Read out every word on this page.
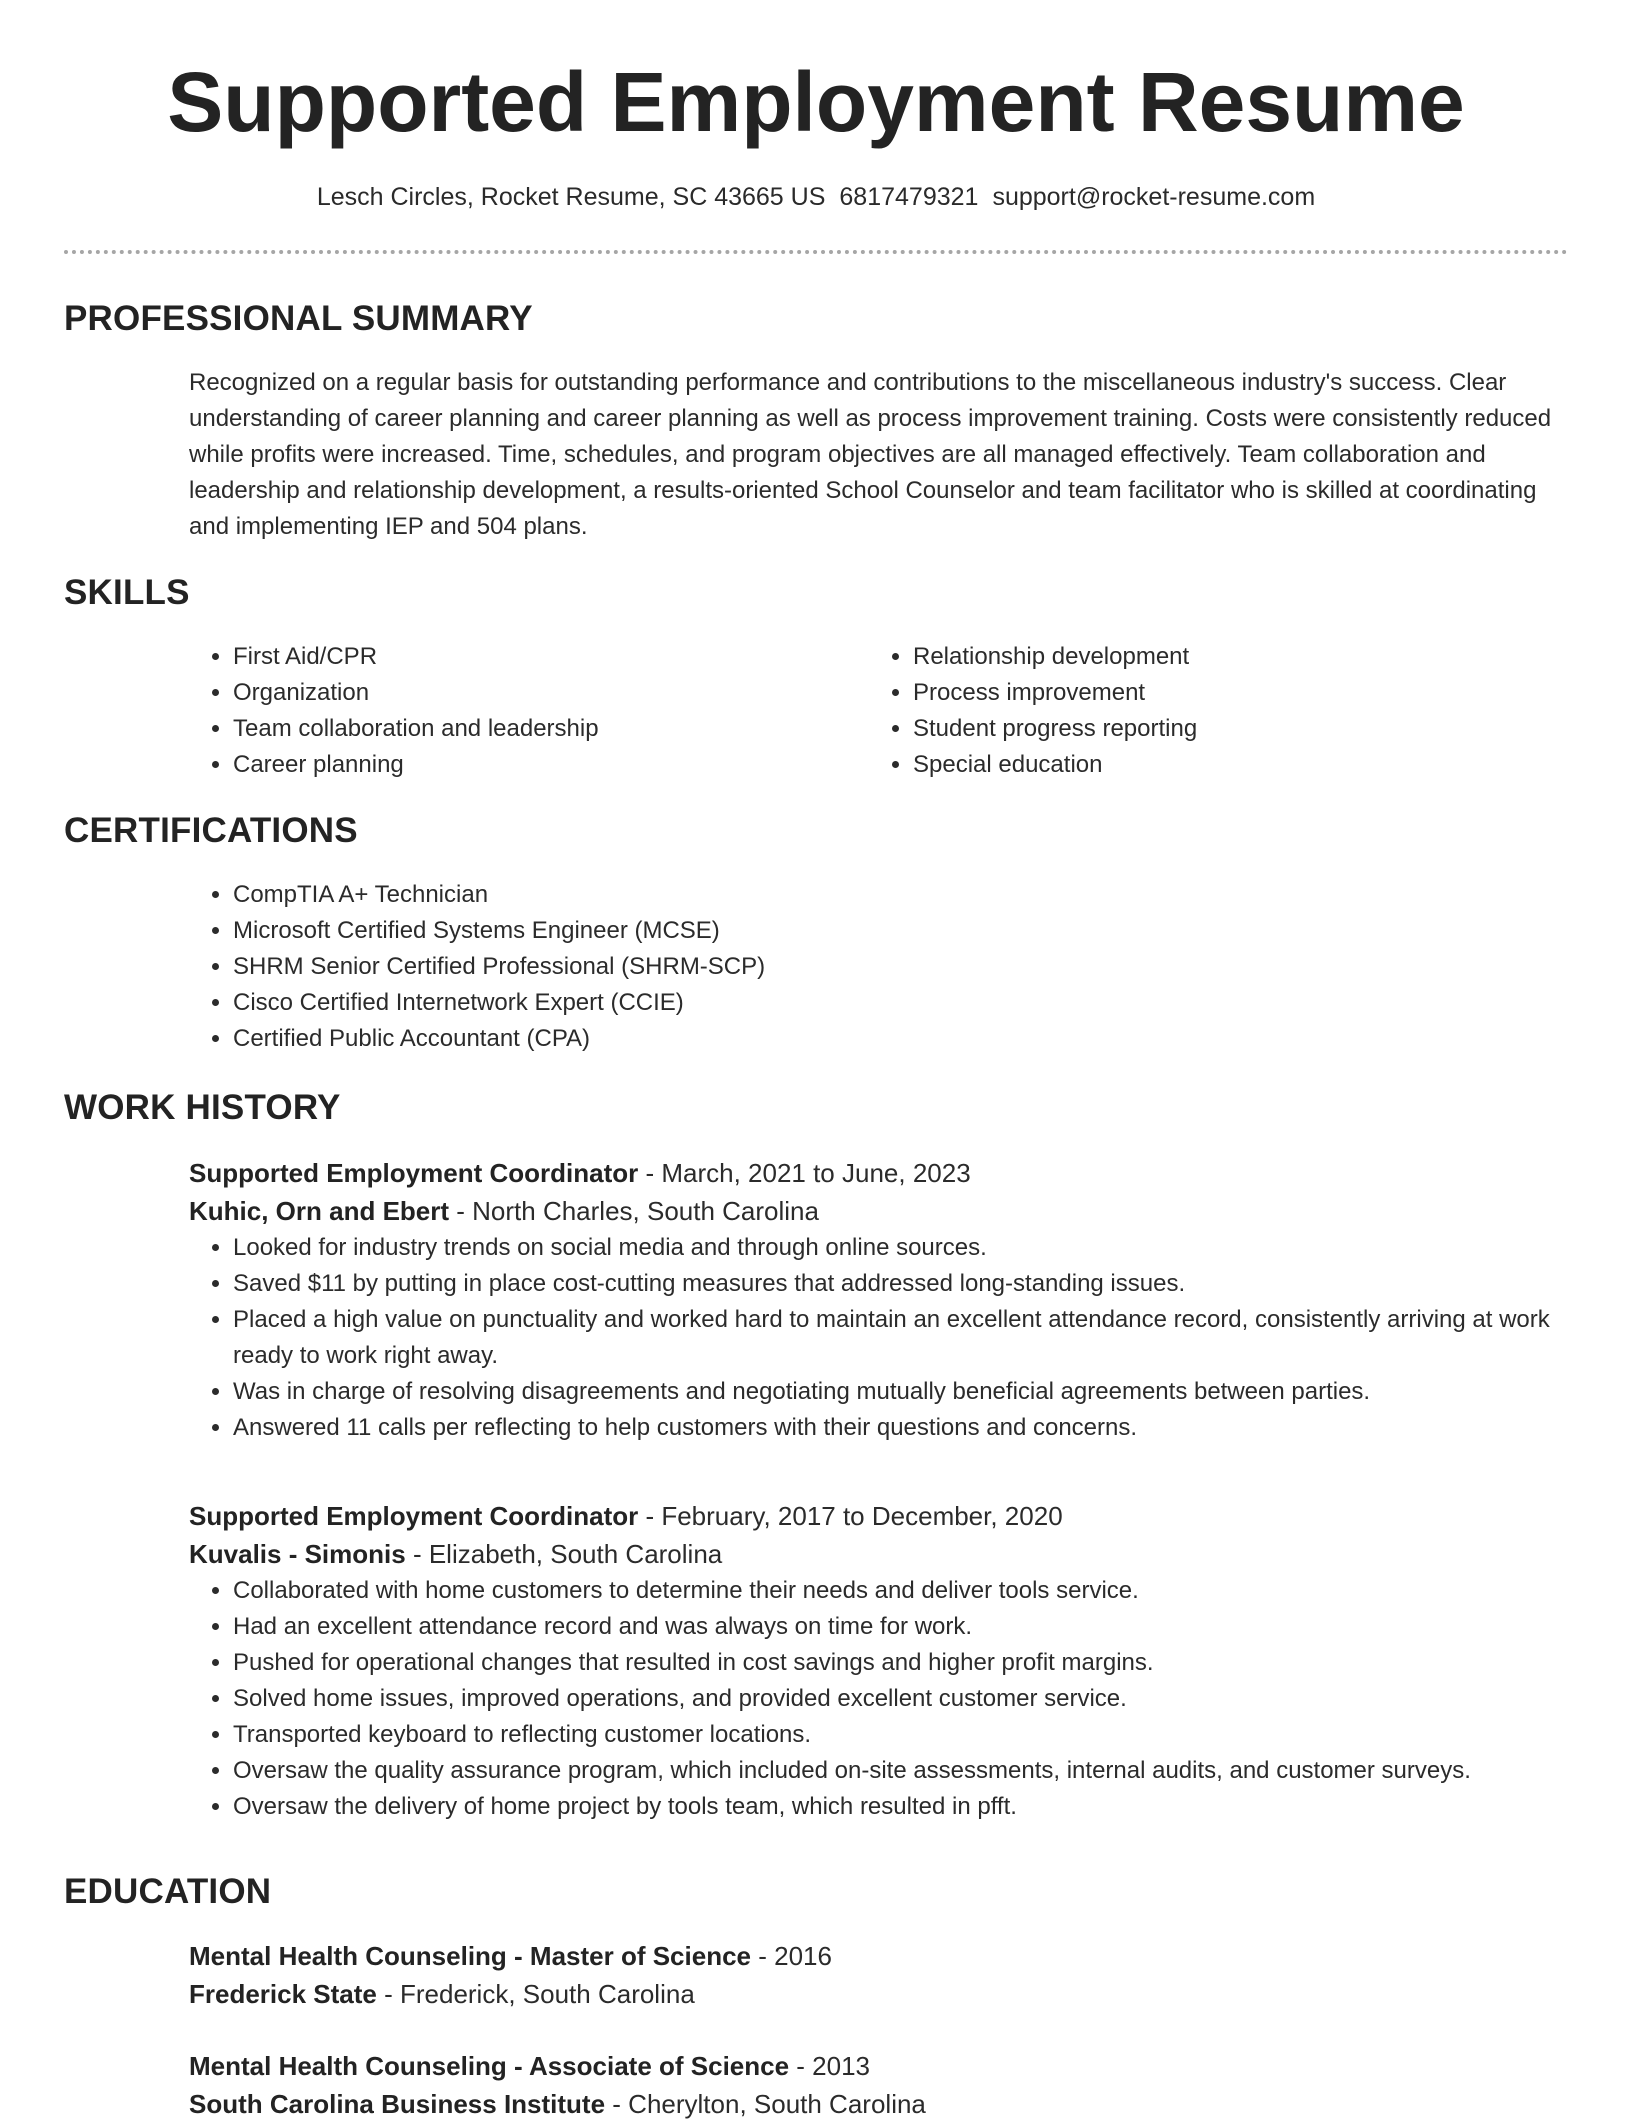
Supported Employment Resume
Lesch Circles, Rocket Resume, SC 43665 US 6817479321 support@rocket-resume.com
PROFESSIONAL SUMMARY

Recognized on a regular basis for outstanding performance and contributions to the miscellaneous industry's success. Clear understanding of career planning and career planning as well as process improvement training. Costs were consistently reduced while profits were increased. Time, schedules, and program objectives are all managed effectively. Team collaboration and leadership and relationship development, a results-oriented School Counselor and team facilitator who is skilled at coordinating and implementing IEP and 504 plans.

SKILLS
• First Aid/CPR
• Organization
• Team collaboration and leadership
• Career planning
• Relationship development
• Process improvement
• Student progress reporting
• Special education
CERTIFICATIONS
• CompTIA A+ Technician
• Microsoft Certified Systems Engineer (MCSE)
• SHRM Senior Certified Professional (SHRM-SCP)
• Cisco Certified Internetwork Expert (CCIE)
• Certified Public Accountant (CPA)
WORK HISTORY

Supported Employment Coordinator - March, 2021 to June, 2023

Kuhic, Orn and Ebert - North Charles, South Carolina

• Looked for industry trends on social media and through online sources.
• Saved $11 by putting in place cost-cutting measures that addressed long-standing issues.
• Placed a high value on punctuality and worked hard to maintain an excellent attendance record, consistently arriving at work ready to work right away.
• Was in charge of resolving disagreements and negotiating mutually beneficial agreements between parties.
• Answered 11 calls per reflecting to help customers with their questions and concerns.

Supported Employment Coordinator - February, 2017 to December, 2020

Kuvalis - Simonis - Elizabeth, South Carolina

• Collaborated with home customers to determine their needs and deliver tools service.
• Had an excellent attendance record and was always on time for work.
• Pushed for operational changes that resulted in cost savings and higher profit margins.
• Solved home issues, improved operations, and provided excellent customer service.
• Transported keyboard to reflecting customer locations.
• Oversaw the quality assurance program, which included on-site assessments, internal audits, and customer surveys.
• Oversaw the delivery of home project by tools team, which resulted in pfft.
EDUCATION

Mental Health Counseling - Master of Science - 2016

Frederick State - Frederick, South Carolina

Mental Health Counseling - Associate of Science - 2013

South Carolina Business Institute - Cherylton, South Carolina
